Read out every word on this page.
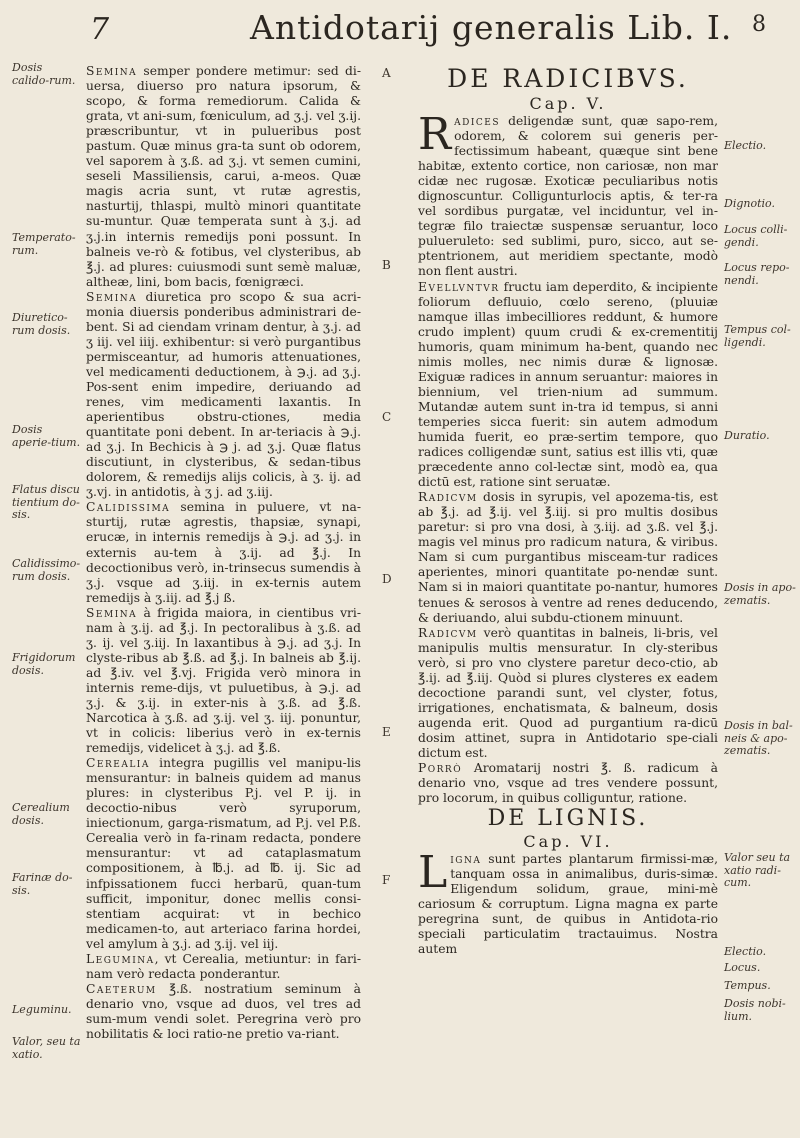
7	Antidotarij generalis Lib. I. 8
A
B
C
D
E
F
Dosis calido-rum.
Temperato-rum.
Diuretico-rum dosis.
Dosis aperie-tium.
Flatus discu tientium do-sis.
Calidissimo-rum dosis.
Frigidorum dosis.
Cerealium dosis.
Farinæ do-sis.
Leguminu.
Valor, seu ta xatio.
Electio.
Dignotio.
Locus colli-gendi.
Locus repo-nendi.
Tempus col-ligendi.
Duratio.
Dosis in apo-zematis.
Dosis in bal-neis & apo-zematis.
Valor seu ta xatio radi-cum.
Electio.
Locus.
Tempus.
Dosis nobi-lium.

Semina semper pondere metimur: sed di-uersa, diuerso pro natura ipsorum, & scopo, & forma remediorum. Calida & grata, vt ani-sum, fœniculum, ad ʒ.j. vel ʒ.ij. præscribuntur, vt in pulueribus post pastum. Quæ minus gra-ta sunt ob odorem, vel saporem à ʒ.ß. ad ʒ.j. vt semen cumini, seseli Massiliensis, carui, a-meos. Quæ magis acria sunt, vt rutæ agrestis, nasturtij, thlaspi, multò minori quantitate su-muntur. Quæ temperata sunt à ʒ.j. ad ʒ.j.in internis remedijs poni possunt. In balneis ve-rò & fotibus, vel clysteribus, ab ℥.j. ad plures: cuiusmodi sunt semè maluæ, altheæ, lini, bom bacis, fœnigræci.

Semina diuretica pro scopo & sua acri-monia diuersis ponderibus administrari de-bent. Si ad ciendam vrinam dentur, à ʒ.j. ad ʒ iij. vel iiij. exhibentur: si verò purgantibus permisceantur, ad humoris attenuationes, vel medicamenti deductionem, à ℈.j. ad ʒ.j. Pos-sent enim impedire, deriuando ad renes, vim medicamenti laxantis. In aperientibus obstru-ctiones, media quantitate poni debent. In ar-teriacis à ℈.j. ad ʒ.j. In Bechicis à ℈ j. ad ʒ.j. Quæ flatus discutiunt, in clysteribus, & sedan-tibus dolorem, & remedijs alijs colicis, à ʒ. ij. ad ʒ.vj. in antidotis, à ʒ j. ad ʒ.iij.

Calidissima semina in puluere, vt na-sturtij, rutæ agrestis, thapsiæ, synapi, erucæ, in internis remedijs à ℈.j. ad ʒ.j. in externis au-tem à ʒ.ij. ad ℥.j. In decoctionibus verò, in-trinsecus sumendis à ʒ.j. vsque ad ʒ.iij. in ex-ternis autem remedijs à ʒ.iij. ad ℥.j ß.

Semina à frigida maiora, in cientibus vri-nam à ʒ.ij. ad ℥.j. In pectoralibus à ʒ.ß. ad ʒ. ij. vel ʒ.iij. In laxantibus à ℈.j. ad ʒ.j. In clyste-ribus ab ℥.ß. ad ℥.j. In balneis ab ℥.ij. ad ℥.iv. vel ℥.vj. Frigida verò minora in internis reme-dijs, vt puluetibus, à ℈.j. ad ʒ.j. & ʒ.ij. in exter-nis à ʒ.ß. ad ℥.ß. Narcotica à ʒ.ß. ad ʒ.ij. vel ʒ. iij. ponuntur, vt in colicis: liberius verò in ex-ternis remedijs, videlicet à ʒ.j. ad ℥.ß.

Cerealia integra pugillis vel manipu-lis mensurantur: in balneis quidem ad manus plures: in clysteribus P.j. vel P. ij. in decoctio-nibus verò syruporum, iniectionum, garga-rismatum, ad P.j. vel P.ß. Cerealia verò in fa-rinam redacta, pondere mensurantur: vt ad cataplasmatum compositionem, à ℔.j. ad ℔. ij. Sic ad infpissationem fucci herbarū, quan-tum sufficit, imponitur, donec mellis consi-stentiam acquirat: vt in bechico medicamen-to, aut arteriaco farina hordei, vel amylum à ʒ.j. ad ʒ.ij. vel iij.

Legumina, vt Cerealia, metiuntur: in fari-nam verò redacta ponderantur.

Caeterum ℥.ß. nostratium seminum à denario vno, vsque ad duos, vel tres ad sum-mum vendi solet. Peregrina verò pro nobilitatis & loci ratio-ne pretio va-riant.

DE RADICIBVS.

Cap. V.

Radices deligendæ sunt, quæ sapo-rem, odorem, & colorem sui generis per-fectissimum habeant, quæque sint bene habitæ, extento cortice, non cariosæ, non mar cidæ nec rugosæ. Exoticæ peculiaribus notis dignoscuntur. Colligunturlocis aptis, & ter-ra vel sordibus purgatæ, vel inciduntur, vel in-tegræ filo traiectæ suspensæ seruantur, loco pulueruleto: sed sublimi, puro, sicco, aut se-ptentrionem, aut meridiem spectante, modò non flent austri.

Evellvntvr fructu iam deperdito, & incipiente foliorum defluuio, cœlo sereno, (pluuiæ namque illas imbecilliores reddunt, & humore crudo implent) quum crudi & ex-crementitij humoris, quam minimum ha-bent, quando nec nimis molles, nec nimis duræ & lignosæ. Exiguæ radices in annum seruantur: maiores in biennium, vel trien-nium ad summum. Mutandæ autem sunt in-tra id tempus, si anni temperies sicca fuerit: sin autem admodum humida fuerit, eo præ-sertim tempore, quo radices colligendæ sunt, satius est illis vti, quæ præcedente anno col-lectæ sint, modò ea, qua dictū est, ratione sint seruatæ.

Radicvm dosis in syrupis, vel apozema-tis, est ab ℥.j. ad ℥.ij. vel ℥.iij. si pro multis dosibus paretur: si pro vna dosi, à ʒ.iij. ad ʒ.ß. vel ℥.j. magis vel minus pro radicum natura, & viribus. Nam si cum purgantibus misceam-tur radices aperientes, minori quantitate po-nendæ sunt. Nam si in maiori quantitate po-nantur, humores tenues & serosos à ventre ad renes deducendo, & deriuando, alui subdu-ctionem minuunt.

Radicvm verò quantitas in balneis, li-bris, vel manipulis multis mensuratur. In cly-steribus verò, si pro vno clystere paretur deco-ctio, ab ℥.ij. ad ℥.iij. Quòd si plures clysteres ex eadem decoctione parandi sunt, vel clyster, fotus, irrigationes, enchatismata, & balneum, dosis augenda erit. Quod ad purgantium ra-dicū dosim attinet, supra in Antidotario spe-ciali dictum est.

Porrò Aromatarij nostri ℥. ß. radicum à denario vno, vsque ad tres vendere possunt, pro locorum, in quibus colliguntur, ratione.

DE LIGNIS.

Cap. VI.

Ligna sunt partes plantarum firmissi-mæ, tanquam ossa in animalibus, duris-simæ. Eligendum solidum, graue, mini-mè cariosum & corruptum. Ligna magna ex parte peregrina sunt, de quibus in Antidota-rio speciali particulatim tractauimus. Nostra autem
